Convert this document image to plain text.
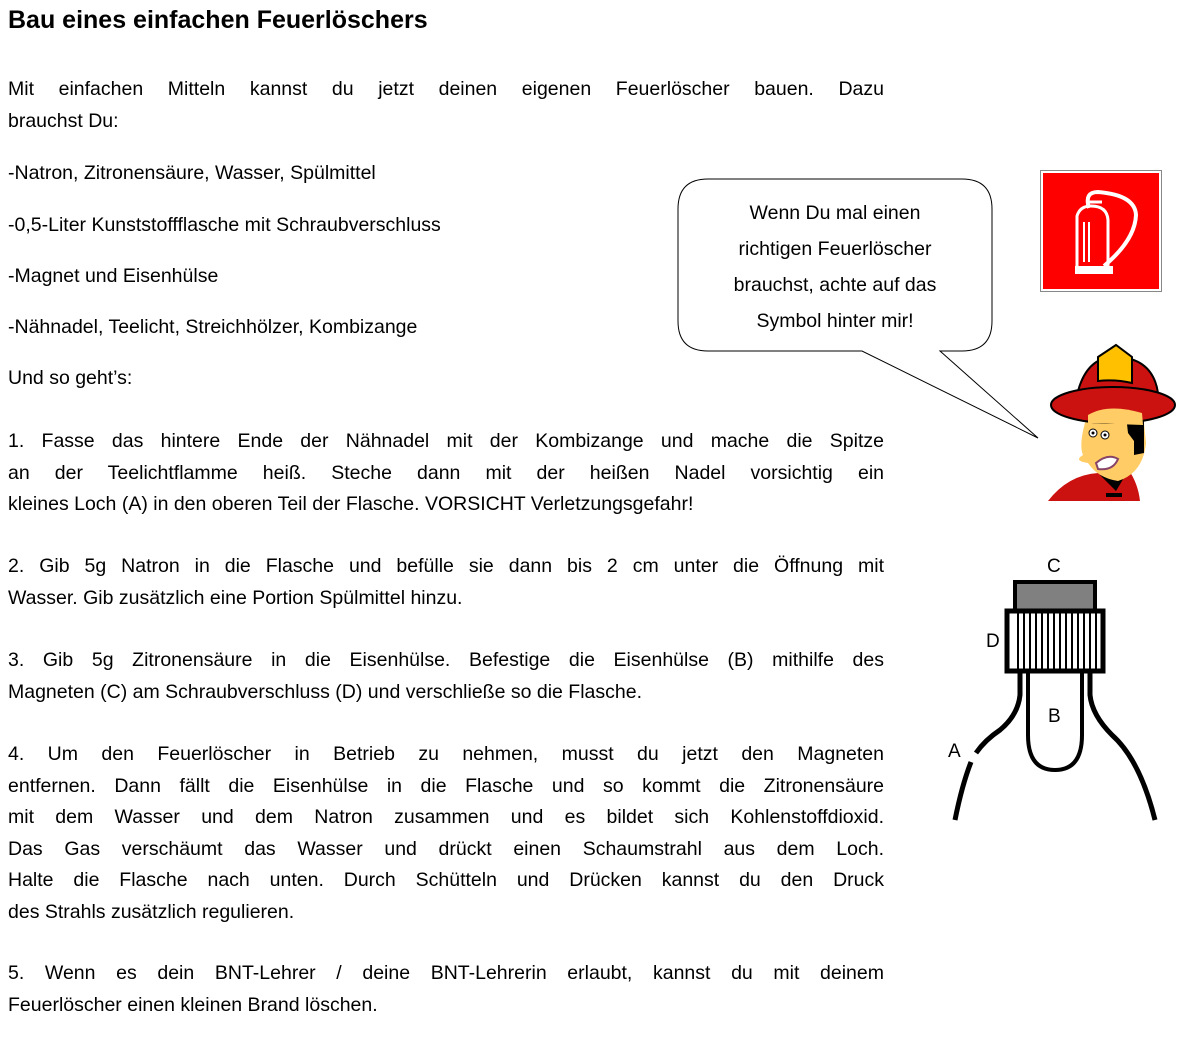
Bau eines einfachen Feuerlöschers
Mit einfachen Mitteln kannst du jetzt deinen eigenen Feuerlöscher bauen. Dazu
brauchst Du:
-Natron, Zitronensäure, Wasser, Spülmittel
-0,5-Liter Kunststoffflasche mit Schraubverschluss
-Magnet und Eisenhülse
-Nähnadel, Teelicht, Streichhölzer, Kombizange
Und so geht’s:
1. Fasse das hintere Ende der Nähnadel mit der Kombizange und mache die Spitze
an der Teelichtflamme heiß. Steche dann mit der heißen Nadel vorsichtig ein
kleines Loch (A) in den oberen Teil der Flasche. VORSICHT Verletzungsgefahr!
2. Gib 5g Natron in die Flasche und befülle sie dann bis 2 cm unter die Öffnung mit
Wasser. Gib zusätzlich eine Portion Spülmittel hinzu.
3. Gib 5g Zitronensäure in die Eisenhülse. Befestige die Eisenhülse (B) mithilfe des
Magneten (C) am Schraubverschluss (D) und verschließe so die Flasche.
4. Um den Feuerlöscher in Betrieb zu nehmen, musst du jetzt den Magneten
entfernen. Dann fällt die Eisenhülse in die Flasche und so kommt die Zitronensäure
mit dem Wasser und dem Natron zusammen und es bildet sich Kohlenstoffdioxid.
Das Gas verschäumt das Wasser und drückt einen Schaumstrahl aus dem Loch.
Halte die Flasche nach unten. Durch Schütteln und Drücken kannst du den Druck
des Strahls zusätzlich regulieren.
5. Wenn es dein BNT-Lehrer / deine BNT-Lehrerin erlaubt, kannst du mit deinem
Feuerlöscher einen kleinen Brand löschen.
Wenn Du mal einen
richtigen Feuerlöscher
brauchst, achte auf das
Symbol hinter mir!
C
D
B
A
